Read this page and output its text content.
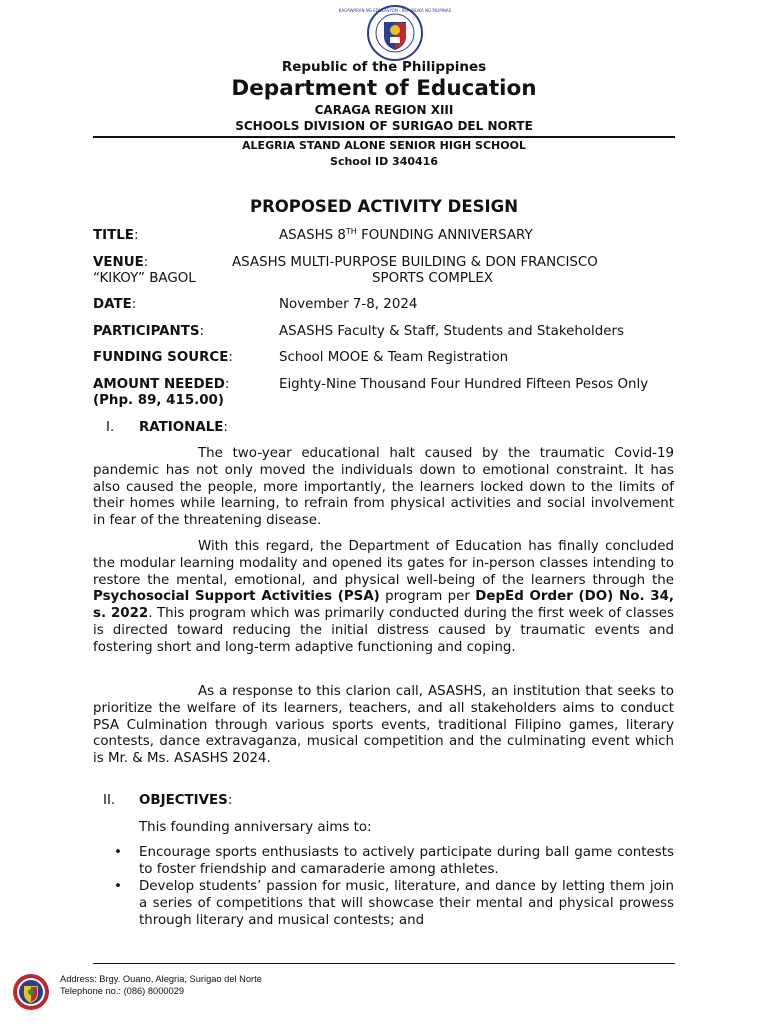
KAGAWARAN NG EDUKASYON · REPUBLIKA NG PILIPINAS
Republic of the Philippines
Department of Education
CARAGA REGION XIII
SCHOOLS DIVISION OF SURIGAO DEL NORTE
ALEGRIA STAND ALONE SENIOR HIGH SCHOOL
School ID 340416
PROPOSED ACTIVITY DESIGN
TITLE:	ASASHS 8TH FOUNDING ANNIVERSARY
VENUE:	ASASHS MULTI-PURPOSE BUILDING & DON FRANCISCO
“KIKOY” BAGOL	SPORTS COMPLEX
DATE:	November 7-8, 2024
PARTICIPANTS:	ASASHS Faculty & Staff, Students and Stakeholders
FUNDING SOURCE:	School MOOE & Team Registration
AMOUNT NEEDED:	Eighty-Nine Thousand Four Hundred Fifteen Pesos Only
(Php. 89, 415.00)
I. RATIONALE:

The two-year educational halt caused by the traumatic Covid-19 pandemic has not only moved the individuals down to emotional constraint. It has also caused the people, more importantly, the learners locked down to the limits of their homes while learning, to refrain from physical activities and social involvement in fear of the threatening disease.

With this regard, the Department of Education has finally concluded the modular learning modality and opened its gates for in-person classes intending to restore the mental, emotional, and physical well-being of the learners through the Psychosocial Support Activities (PSA) program per DepEd Order (DO) No. 34, s. 2022. This program which was primarily conducted during the first week of classes is directed toward reducing the initial distress caused by traumatic events and fostering short and long-term adaptive functioning and coping.

As a response to this clarion call, ASASHS, an institution that seeks to prioritize the welfare of its learners, teachers, and all stakeholders aims to conduct PSA Culmination through various sports events, traditional Filipino games, literary contests, dance extravaganza, musical competition and the culminating event which is Mr. & Ms. ASASHS 2024.

II. OBJECTIVES:
This founding anniversary aims to:
• Encourage sports enthusiasts to actively participate during ball game contests to foster friendship and camaraderie among athletes.

• Develop students’ passion for music, literature, and dance by letting them join a series of competitions that will showcase their mental and physical prowess through literary and musical contests; and

Address: Brgy. Ouano, Alegria, Surigao del Norte
Telephone no.: (086) 8000029
